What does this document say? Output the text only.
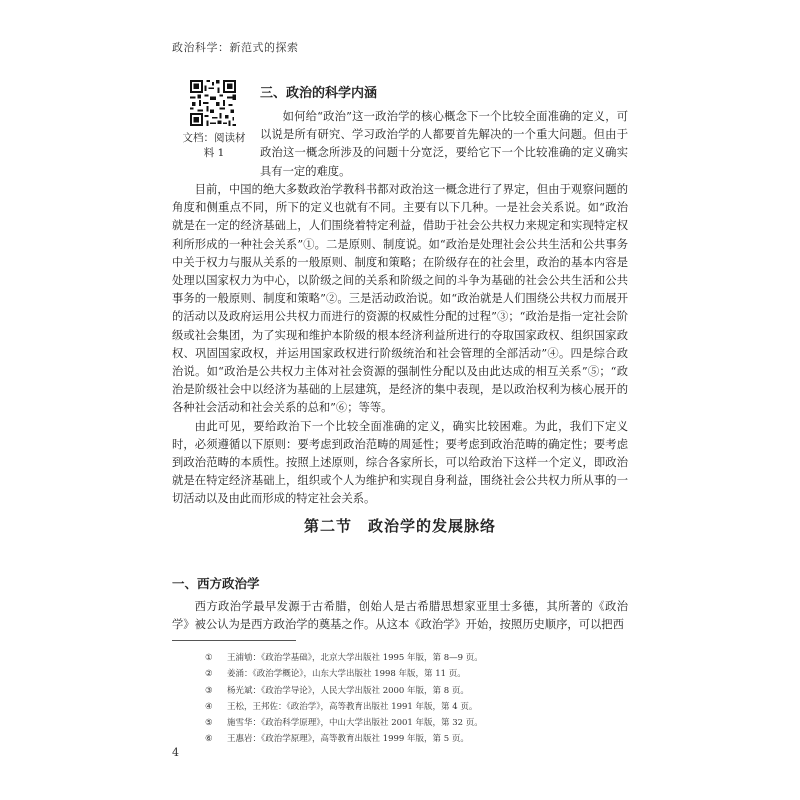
政治科学：新范式的探索
文档：阅读材料 1
三、政治的科学内涵

如何给“政治”这一政治学的核心概念下一个比较全面准确的定义，可以说是所有研究、学习政治学的人都要首先解决的一个重大问题。但由于政治这一概念所涉及的问题十分宽泛，要给它下一个比较准确的定义确实具有一定的难度。

目前，中国的绝大多数政治学教科书都对政治这一概念进行了界定，但由于观察问题的角度和侧重点不同，所下的定义也就有不同。主要有以下几种。一是社会关系说。如“政治就是在一定的经济基础上，人们围绕着特定利益，借助于社会公共权力来规定和实现特定权利所形成的一种社会关系”①。二是原则、制度说。如“政治是处理社会公共生活和公共事务中关于权力与服从关系的一般原则、制度和策略；在阶级存在的社会里，政治的基本内容是处理以国家权力为中心，以阶级之间的关系和阶级之间的斗争为基础的社会公共生活和公共事务的一般原则、制度和策略”②。三是活动政治说。如“政治就是人们围绕公共权力而展开的活动以及政府运用公共权力而进行的资源的权威性分配的过程”③；“政治是指一定社会阶级或社会集团，为了实现和维护本阶级的根本经济利益所进行的夺取国家政权、组织国家政权、巩固国家政权，并运用国家政权进行阶级统治和社会管理的全部活动”④。四是综合政治说。如“政治是公共权力主体对社会资源的强制性分配以及由此达成的相互关系”⑤；“政治是阶级社会中以经济为基础的上层建筑，是经济的集中表现，是以政治权利为核心展开的各种社会活动和社会关系的总和”⑥；等等。

由此可见，要给政治下一个比较全面准确的定义，确实比较困难。为此，我们下定义时，必须遵循以下原则：要考虑到政治范畴的周延性；要考虑到政治范畴的确定性；要考虑到政治范畴的本质性。按照上述原则，综合各家所长，可以给政治下这样一个定义，即政治就是在特定经济基础上，组织或个人为维护和实现自身利益，围绕社会公共权力所从事的一切活动以及由此而形成的特定社会关系。

第二节　政治学的发展脉络
一、西方政治学

西方政治学最早发源于古希腊，创始人是古希腊思想家亚里士多德，其所著的《政治学》被公认为是西方政治学的奠基之作。从这本《政治学》开始，按照历史顺序，可以把西

①	王浦劬：《政治学基础》，北京大学出版社 1995 年版，第 8—9 页。
②	姜涌：《政治学概论》，山东大学出版社 1998 年版，第 11 页。
③	杨光斌：《政治学导论》，人民大学出版社 2000 年版，第 8 页。
④	王松，王邦佐：《政治学》，高等教育出版社 1991 年版，第 4 页。
⑤	施雪华：《政治科学原理》，中山大学出版社 2001 年版，第 32 页。
⑥	王惠岩：《政治学原理》，高等教育出版社 1999 年版，第 5 页。
4
